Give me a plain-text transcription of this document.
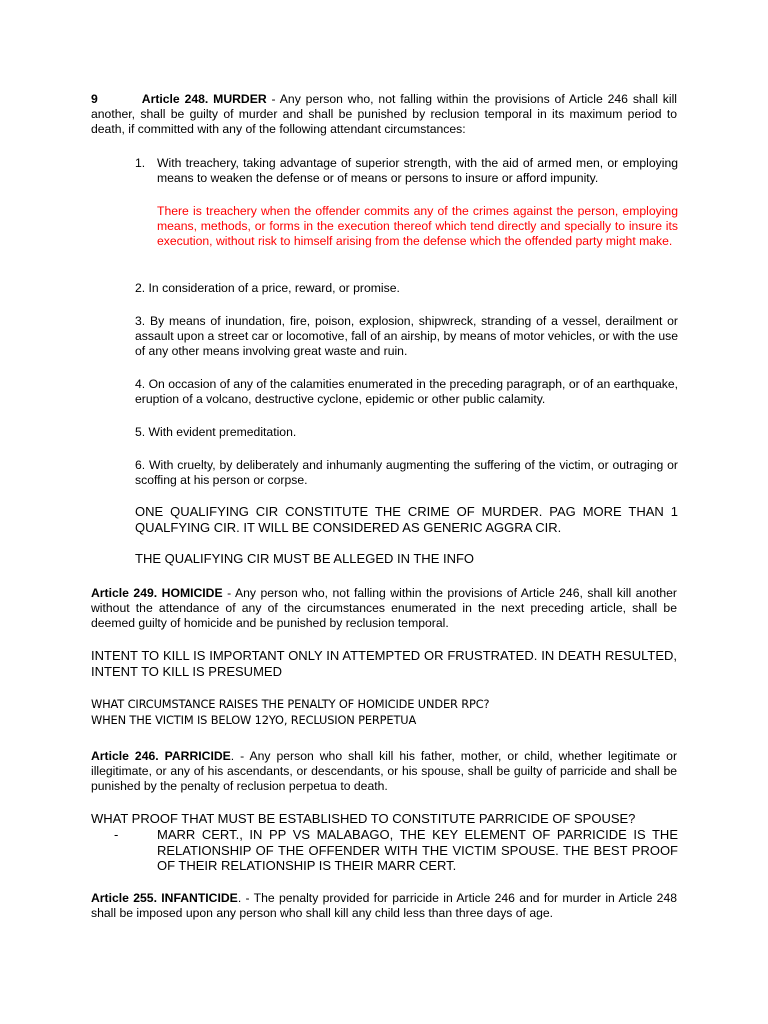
9	Article 248. MURDER - Any person who, not falling within the provisions of Article 246 shall kill another, shall be guilty of murder and shall be punished by reclusion temporal in its maximum period to death, if committed with any of the following attendant circumstances:

1. With treachery, taking advantage of superior strength, with the aid of armed men, or employing means to weaken the defense or of means or persons to insure or afford impunity.

There is treachery when the offender commits any of the crimes against the person, employing means, methods, or forms in the execution thereof which tend directly and specially to insure its execution, without risk to himself arising from the defense which the offended party might make.

2. In consideration of a price, reward, or promise.

3. By means of inundation, fire, poison, explosion, shipwreck, stranding of a vessel, derailment or assault upon a street car or locomotive, fall of an airship, by means of motor vehicles, or with the use of any other means involving great waste and ruin.

4. On occasion of any of the calamities enumerated in the preceding paragraph, or of an earthquake, eruption of a volcano, destructive cyclone, epidemic or other public calamity.

5. With evident premeditation.

6. With cruelty, by deliberately and inhumanly augmenting the suffering of the victim, or outraging or scoffing at his person or corpse.

ONE QUALIFYING CIR CONSTITUTE THE CRIME OF MURDER. PAG MORE THAN 1 QUALFYING CIR. IT WILL BE CONSIDERED AS GENERIC AGGRA CIR.

THE QUALIFYING CIR MUST BE ALLEGED IN THE INFO

Article 249. HOMICIDE - Any person who, not falling within the provisions of Article 246, shall kill another without the attendance of any of the circumstances enumerated in the next preceding article, shall be deemed guilty of homicide and be punished by reclusion temporal.

INTENT TO KILL IS IMPORTANT ONLY IN ATTEMPTED OR FRUSTRATED. IN DEATH RESULTED, INTENT TO KILL IS PRESUMED

WHAT CIRCUMSTANCE RAISES THE PENALTY OF HOMICIDE UNDER RPC?
WHEN THE VICTIM IS BELOW 12YO, RECLUSION PERPETUA

Article 246. PARRICIDE. - Any person who shall kill his father, mother, or child, whether legitimate or illegitimate, or any of his ascendants, or descendants, or his spouse, shall be guilty of parricide and shall be punished by the penalty of reclusion perpetua to death.

WHAT PROOF THAT MUST BE ESTABLISHED TO CONSTITUTE PARRICIDE OF SPOUSE?

-	MARR CERT., IN PP VS MALABAGO, THE KEY ELEMENT OF PARRICIDE IS THE RELATIONSHIP OF THE OFFENDER WITH THE VICTIM SPOUSE. THE BEST PROOF OF THEIR RELATIONSHIP IS THEIR MARR CERT.

Article 255. INFANTICIDE. - The penalty provided for parricide in Article 246 and for murder in Article 248 shall be imposed upon any person who shall kill any child less than three days of age.
